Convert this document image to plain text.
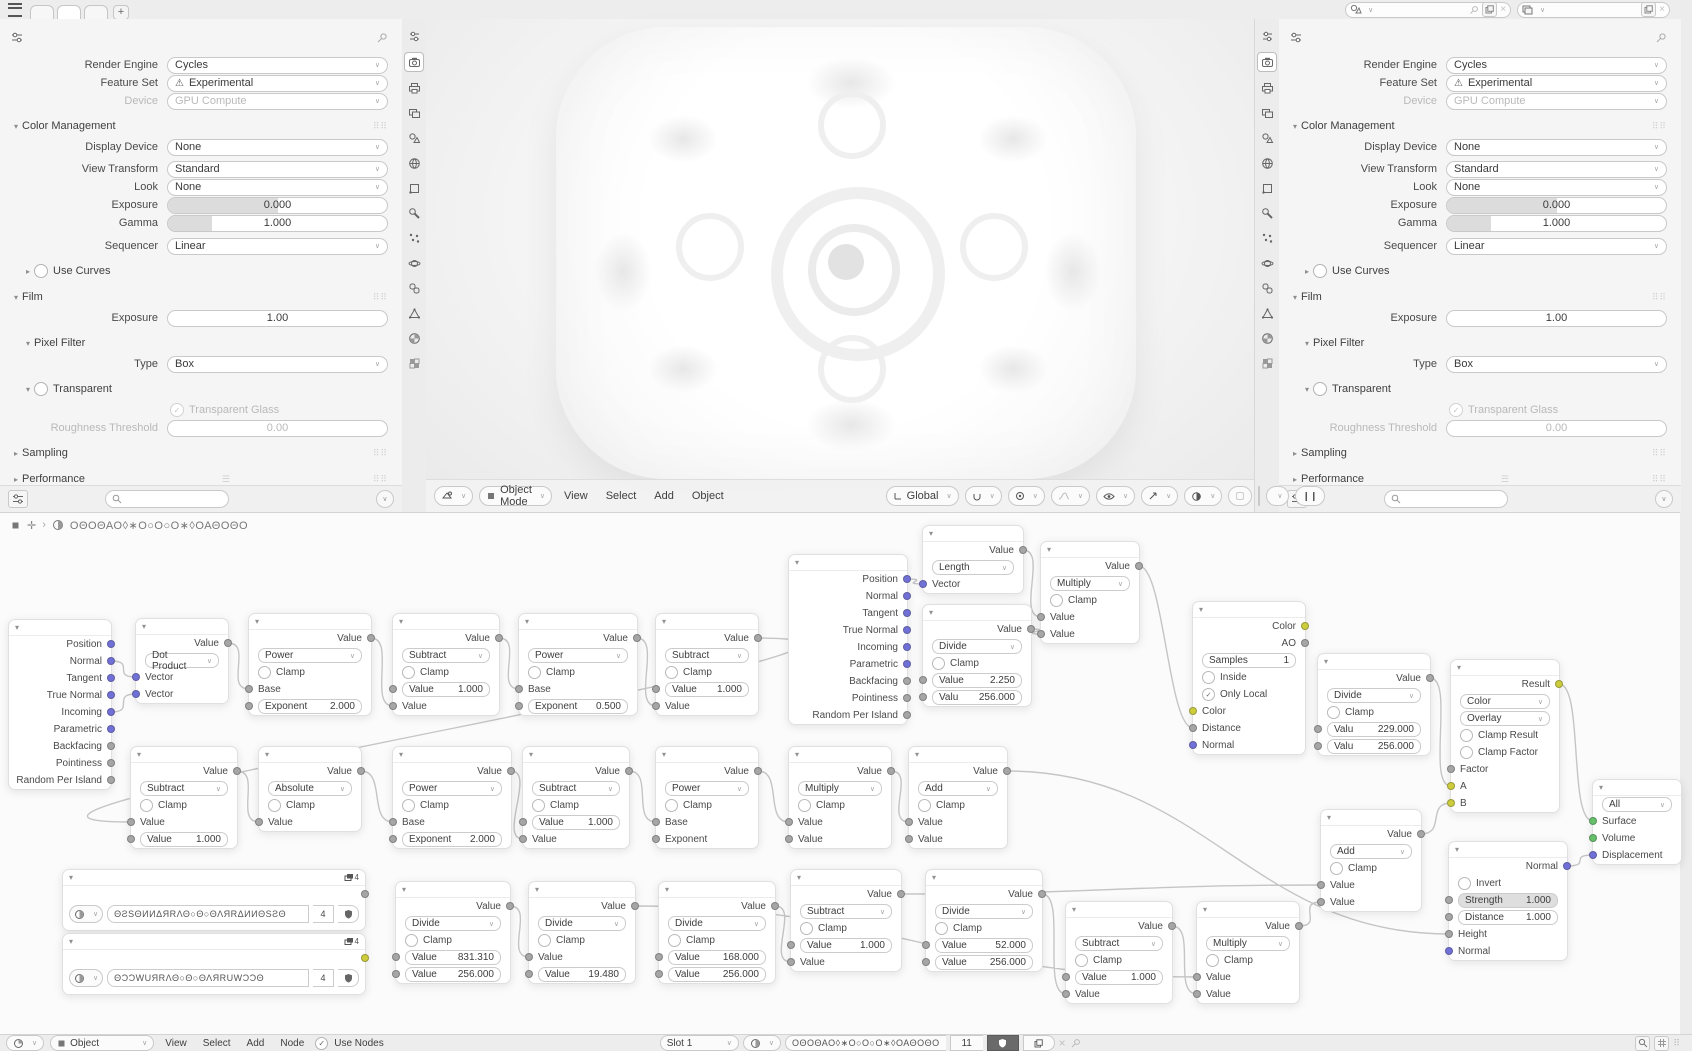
+	∨	×	∨	×
Render Engine	Cycles	∨
Feature Set	⚠ Experimental	∨
Device	GPU Compute	∨
▾ Color Management	⠿⠿
Display Device	None	∨
View Transform	Standard	∨
Look	None	∨
Exposure	0.000
Gamma	1.000
Sequencer	Linear	∨
▸	Use Curves
▾ Film	⠿⠿
Exposure	1.00
▾ Pixel Filter
Type	Box	∨
▾	Transparent
✓ Transparent Glass
Roughness Threshold	0.00
▸ Sampling	⠿⠿
▸ Performance	☰	⠿⠿
∨
Render Engine	Cycles	∨
Feature Set	⚠ Experimental	∨
Device	GPU Compute	∨
▾ Color Management	⠿⠿
Display Device	None	∨
View Transform	Standard	∨
Look	None	∨
Exposure	0.000
Gamma	1.000
Sequencer	Linear	∨
▸	Use Curves
▾ Film	⠿⠿
Exposure	1.00
▾ Pixel Filter
Type	Box	∨
▾	Transparent
✓ Transparent Glass
Roughness Threshold	0.00
▸ Sampling	⠿⠿
▸ Performance	☰	⠿⠿
∨
∨
Object Mode	∨	View	Select	Add	Object	Global	∨	∨	∨	∨	∨	∨	∨	∨	❙❙
✛ › ΟΘΟΘΑΟ◊∗Ο○Ο○Ο∗◊ΟΑΘΟΘΟ
▾
Position
Normal
Tangent
True Normal
Incoming
Parametric
Backfacing
Pointiness
Random Per Island
▾
Value
Dot Product	∨
Vector
Vector
▾
Value
Power	∨
Clamp
Base
Exponent 2.000
▾
Value
Subtract	∨
Clamp
Value 1.000
Value
▾
Value
Power	∨
Clamp
Base
Exponent 0.500
▾
Value
Subtract	∨
Clamp
Value 1.000
Value
▾
Value
Subtract	∨
Clamp
Value
Value 1.000
▾
Value
Absolute	∨
Clamp
Value
▾
Value
Power	∨
Clamp
Base
Exponent 2.000
▾
Value
Subtract	∨
Clamp
Value 1.000
Value
▾
Value
Power	∨
Clamp
Base
Exponent
▾
Value
Multiply	∨
Clamp
Value
Value
▾
Value
Add	∨
Clamp
Value
Value
▾
Position
Normal
Tangent
True Normal
Incoming
Parametric
Backfacing
Pointiness
Random Per Island
▾
Value
Length	∨
Vector
▾
Value
Divide	∨
Clamp
Value	2.250
Valu 256.000
▾
Value
Multiply	∨
Clamp
Value
Value
▾
Color
AO
Samples	1
Inside
✓ Only Local
Color
Distance
Normal
▾
Value
Divide	∨
Clamp
Valu 229.000
Valu 256.000
▾
Result
Color	∨
Overlay	∨
Clamp Result
Clamp Factor
Factor
A
B
▾
Value
Add	∨
Clamp
Value
Value
▾
Normal
Invert
Strength 1.000
Distance 1.000
Height
Normal
▾
All	∨
Surface
Volume
Displacement
▾	4
∨	ΘƧSΘИИΔЯRΛΘ○Θ○ΘΛЯRΔИИΘSƧΘ	4
▾	4
∨	ΘƆƆWUЯRΛΘ○Θ○ΘΛЯRUWƆƆΘ	4
▾
Value
Divide	∨
Clamp
Value 831.310
Value 256.000
▾
Value
Divide	∨
Clamp
Value
Value 19.480
▾
Value
Divide	∨
Clamp
Value 168.000
Value 256.000
▾
Value
Subtract	∨
Clamp
Value	1.000
Value
▾
Value
Divide	∨
Clamp
Value	52.000
Value 256.000
▾
Value
Subtract	∨
Clamp
Value 1.000
Value
▾
Value
Multiply	∨
Clamp
Value
Value
∨	Object	∨	View	Select	Add	Node	✓ Use Nodes	Slot 1	∨	∨ ΟΘΟΘΑΟ◊∗Ο○Ο○Ο∗◊ΟΑΘΟΘΟ 11	×	⠿
